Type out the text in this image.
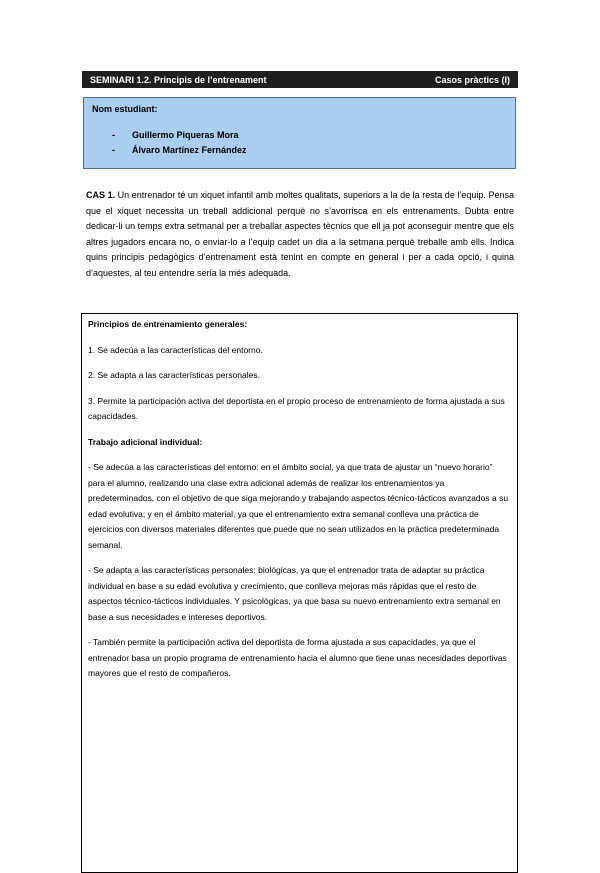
SEMINARI 1.2. Principis de l’entrenament	Casos pràctics (I)
Nom estudiant:
-	Guillermo Piqueras Mora
-	Álvaro Martínez Fernández
CAS 1. Un entrenador té un xiquet infantil amb moltes qualitats, superiors a la de la resta de l’equip. Pensa que el xiquet necessita un treball addicional perquè no s’avorrisca en els entrenaments. Dubta entre dedicar-li un temps extra setmanal per a treballar aspectes tècnics que ell ja pot aconseguir mentre que els altres jugadors encara no, o enviar-lo a l’equip cadet un dia a la setmana perquè treballe amb ells. Indica quins principis pedagògics d’entrenament està tenint en compte en general i per a cada opció, i quina d’aquestes, al teu entendre seria la més adequada.

Principios de entrenamiento generales:

1. Se adecúa a las características del entorno.

2. Se adapta a las características personales.

3. Permite la participación activa del deportista en el propio proceso de entrenamiento de forma ajustada a sus capacidades.

Trabajo adicional individual:

- Se adecúa a las características del entorno: en el ámbito social, ya que trata de ajustar un “nuevo horario” para el alumno, realizando una clase extra adicional además de realizar los entrenamientos ya predeterminados, con el objetivo de que siga mejorando y trabajando aspectos técnico-tácticos avanzados a su edad evolutiva; y en el ámbito material, ya que el entrenamiento extra semanal conlleva una práctica de ejercicios con diversos materiales diferentes que puede que no sean utilizados en la pràctica predeterminada semanal.

- Se adapta a las características personales: biológicas, ya que el entrenador trata de adaptar su práctica individual en base a su edad evolutiva y crecimiento, que conlleva mejoras más rápidas que el resto de aspectos técnico-tácticos individuales. Y psicológicas, ya que basa su nuevo entrenamiento extra semanal en base a sus necesidades e intereses deportivos.

- También permite la participación activa del deportista de forma ajustada a sus capacidades, ya que el entrenador basa un propio programa de entrenamiento hacia el alumno que tiene unas necesidades deportivas mayores que el resto de compañeros.
